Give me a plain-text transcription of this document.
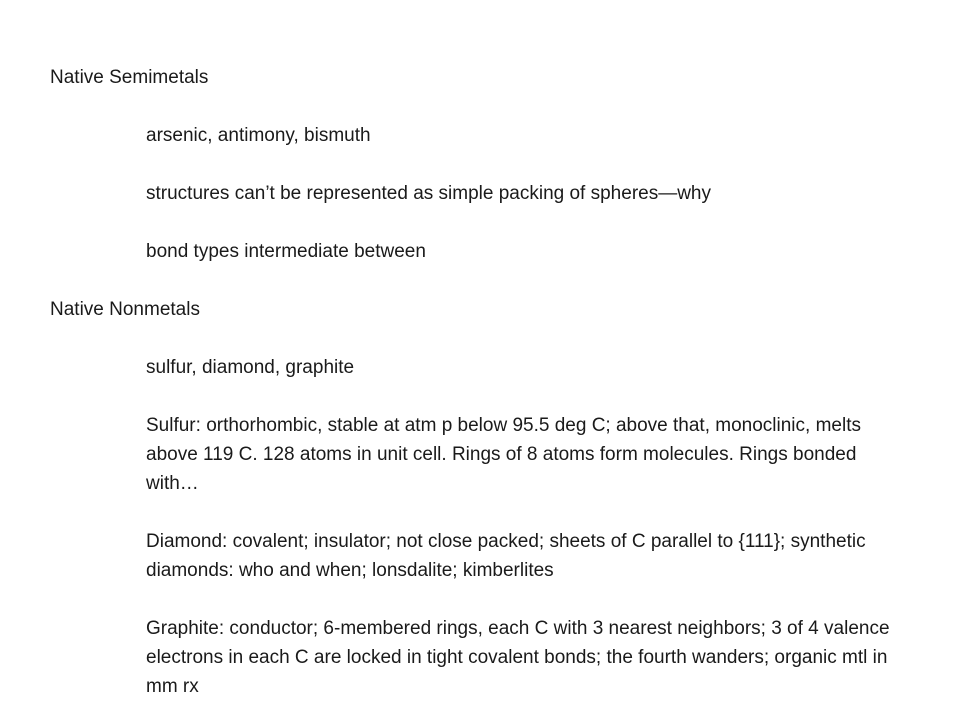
Native Semimetals
arsenic, antimony, bismuth
structures can’t be represented as simple packing of spheres—why
bond types intermediate between
Native Nonmetals
sulfur, diamond, graphite
Sulfur: orthorhombic, stable at atm p below 95.5 deg C; above that, monoclinic, melts above 119 C. 128 atoms in unit cell. Rings of 8 atoms form molecules. Rings bonded with…
Diamond: covalent; insulator; not close packed; sheets of C parallel to {111}; synthetic diamonds: who and when; lonsdalite; kimberlites
Graphite: conductor; 6-membered rings, each C with 3 nearest neighbors; 3 of 4 valence electrons in each C are locked in tight covalent bonds; the fourth wanders; organic mtl in mm rx
